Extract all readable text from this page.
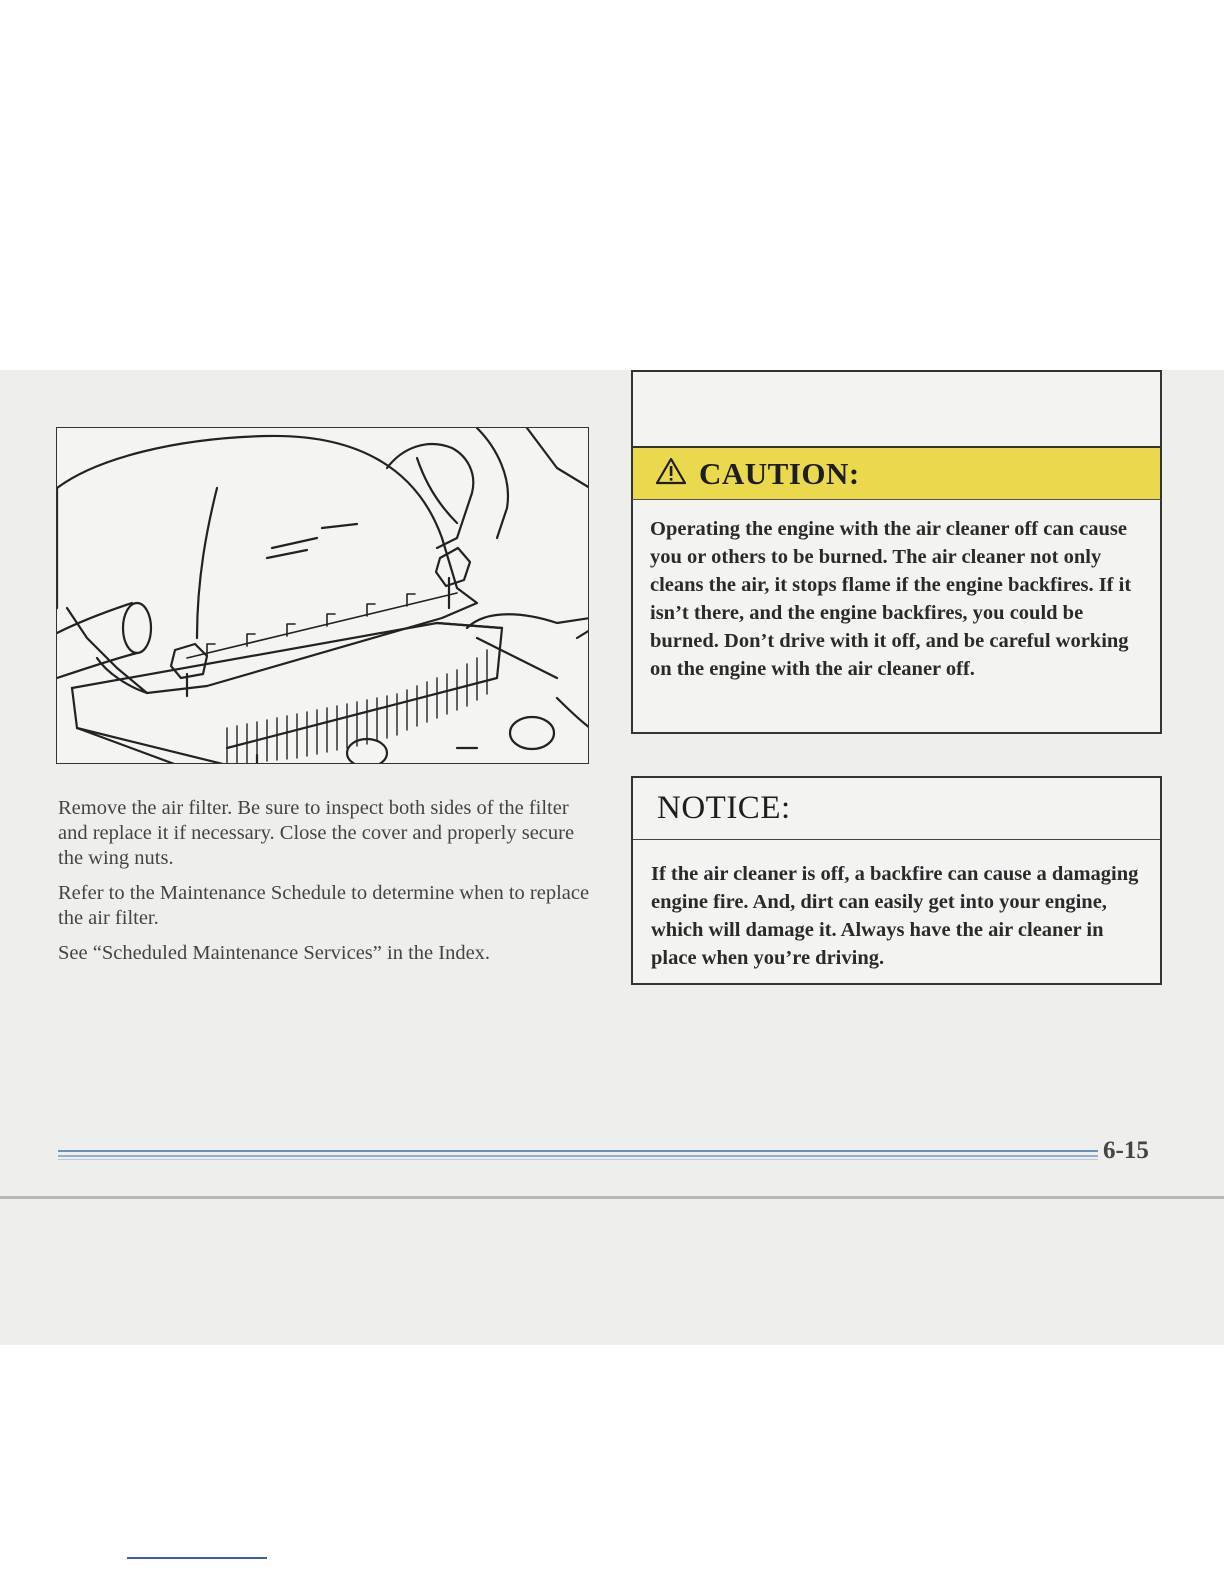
Remove the air filter. Be sure to inspect both sides of the filter and replace it if necessary. Close the cover and properly secure the wing nuts.

Refer to the Maintenance Schedule to determine when to replace the air filter.

See “Scheduled Maintenance Services” in the Index.

CAUTION:
Operating the engine with the air cleaner off can cause you or others to be burned. The air cleaner not only cleans the air, it stops flame if the engine backfires. If it isn’t there, and the engine backfires, you could be burned. Don’t drive with it off, and be careful working on the engine with the air cleaner off.
NOTICE:
If the air cleaner is off, a backfire can cause a damaging engine fire. And, dirt can easily get into your engine, which will damage it. Always have the air cleaner in place when you’re driving.
6-15
